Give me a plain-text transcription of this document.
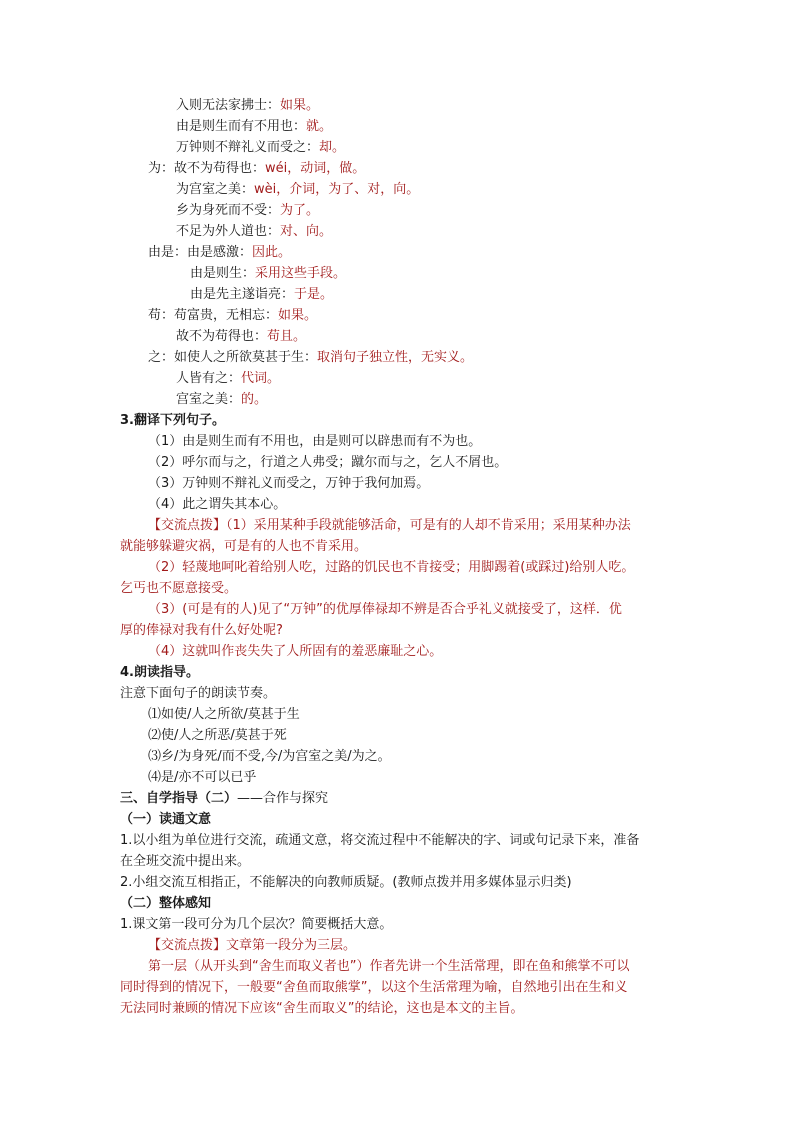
入则无法家拂士：如果。
由是则生而有不用也：就。
万钟则不辩礼义而受之：却。
为：故不为苟得也：wéi，动词，做。
为宫室之美：wèi，介词，为了、对，向。
乡为身死而不受：为了。
不足为外人道也：对、向。
由是：由是感激：因此。
由是则生：采用这些手段。
由是先主遂诣亮：于是。
苟：苟富贵，无相忘：如果。
故不为苟得也：苟且。
之：如使人之所欲莫甚于生：取消句子独立性，无实义。
人皆有之：代词。
宫室之美：的。
3.翻译下列句子。
（1）由是则生而有不用也，由是则可以辟患而有不为也。
（2）呼尔而与之，行道之人弗受；蹴尔而与之，乞人不屑也。
（3）万钟则不辩礼义而受之，万钟于我何加焉。
（4）此之谓失其本心。
【交流点拨】（1）采用某种手段就能够活命，可是有的人却不肯采用；采用某种办法
就能够躲避灾祸，可是有的人也不肯采用。
（2）轻蔑地呵叱着给别人吃，过路的饥民也不肯接受；用脚踢着(或踩过)给别人吃。
乞丐也不愿意接受。
（3）(可是有的人)见了“万钟”的优厚俸禄却不辨是否合乎礼义就接受了，这样．优
厚的俸禄对我有什么好处呢?
（4）这就叫作丧失失了人所固有的羞恶廉耻之心。
4.朗读指导。
注意下面句子的朗读节奏。
⑴如使/人之所欲/莫甚于生
⑵使/人之所恶/莫甚于死
⑶乡/为身死/而不受,今/为宫室之美/为之。
⑷是/亦不可以已乎
三、自学指导（二）——合作与探究
（一）读通文意
1.以小组为单位进行交流，疏通文意，将交流过程中不能解决的字、词或句记录下来，准备
在全班交流中提出来。
2.小组交流互相指正，不能解决的向教师质疑。(教师点拨并用多媒体显示归类)
（二）整体感知
1.课文第一段可分为几个层次？简要概括大意。
【交流点拨】文章第一段分为三层。
第一层（从开头到“舍生而取义者也”）作者先讲一个生活常理，即在鱼和熊掌不可以
同时得到的情况下，一般要“舍鱼而取熊掌”，以这个生活常理为喻，自然地引出在生和义
无法同时兼顾的情况下应该“舍生而取义”的结论，这也是本文的主旨。
